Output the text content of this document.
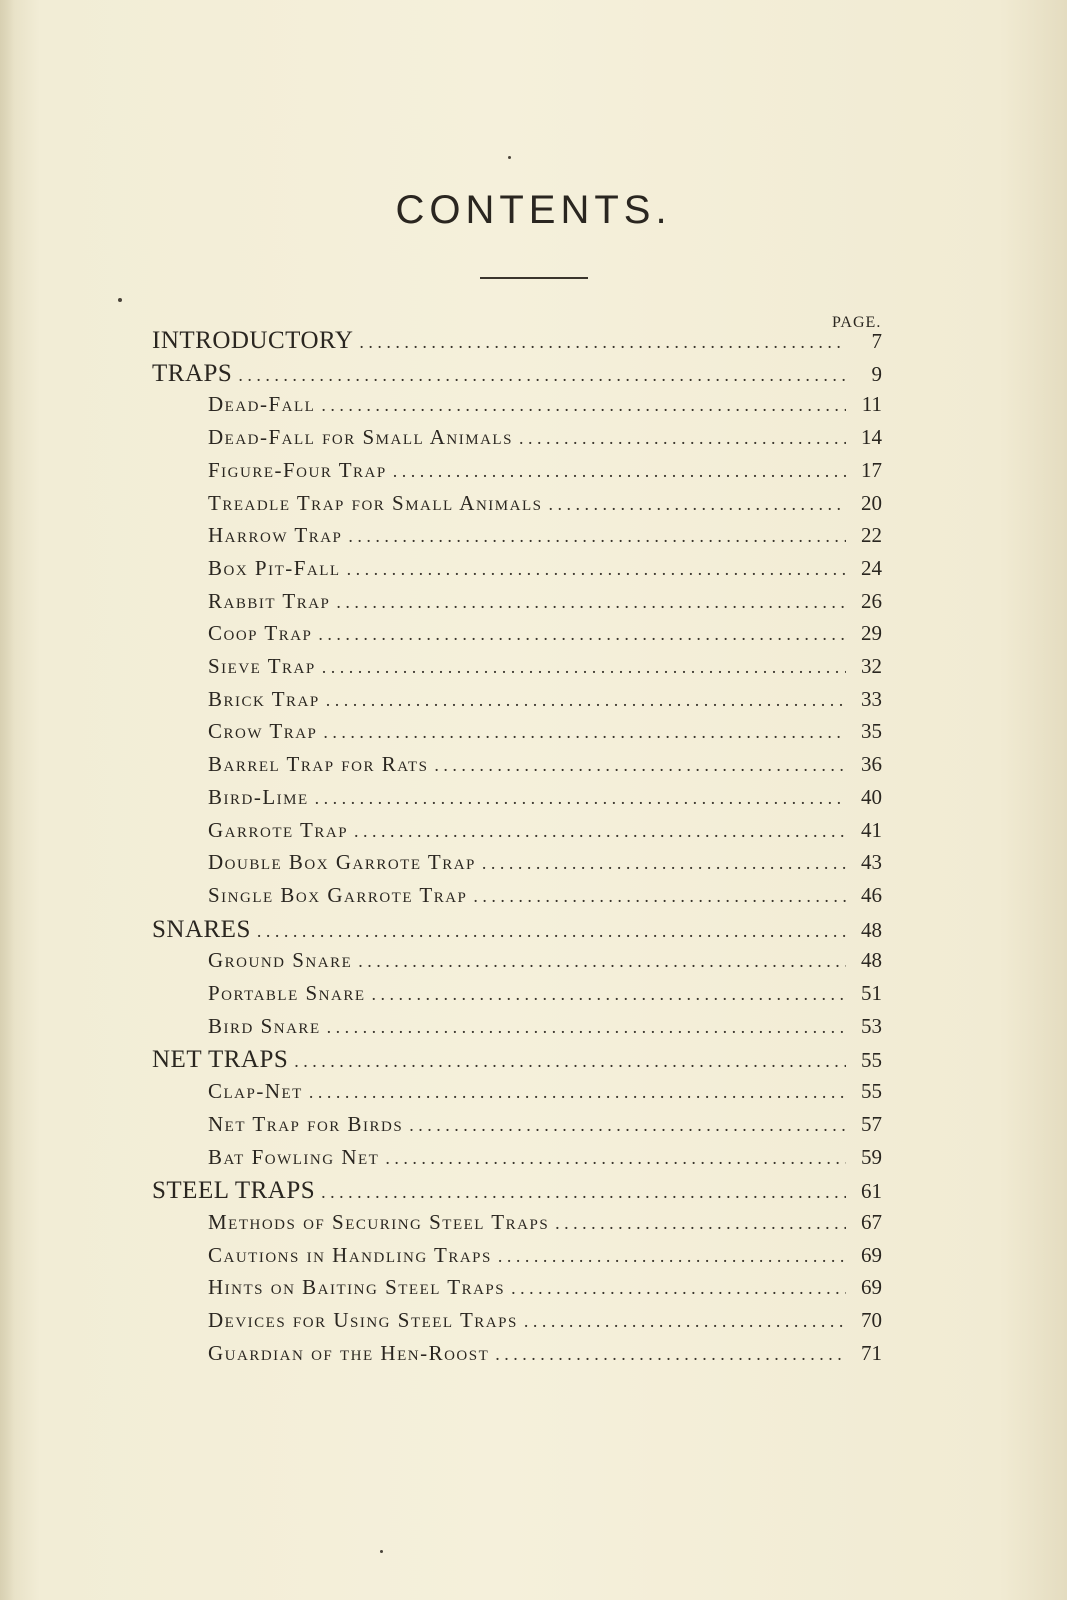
CONTENTS.
PAGE.
INTRODUCTORY . . .	7
TRAPS . . .	9
Dead-Fall . . .	11
Dead-Fall for Small Animals . . .	14
Figure-Four Trap . . .	17
Treadle Trap for Small Animals . . .	20
Harrow Trap . . .	22
Box Pit-Fall . . .	24
Rabbit Trap . . .	26
Coop Trap . . .	29
Sieve Trap . . .	32
Brick Trap . . .	33
Crow Trap . . .	35
Barrel Trap for Rats . . .	36
Bird-Lime . . .	40
Garrote Trap . . .	41
Double Box Garrote Trap . . .	43
Single Box Garrote Trap . . .	46
SNARES . . .	48
Ground Snare . . .	48
Portable Snare . . .	51
Bird Snare . . .	53
NET TRAPS . . .	55
Clap-Net . . .	55
Net Trap for Birds . . .	57
Bat Fowling Net . . .	59
STEEL TRAPS . . .	61
Methods of Securing Steel Traps . . .	67
Cautions in Handling Traps . . .	69
Hints on Baiting Steel Traps . . .	69
Devices for Using Steel Traps . . .	70
Guardian of the Hen-Roost . . .	71
